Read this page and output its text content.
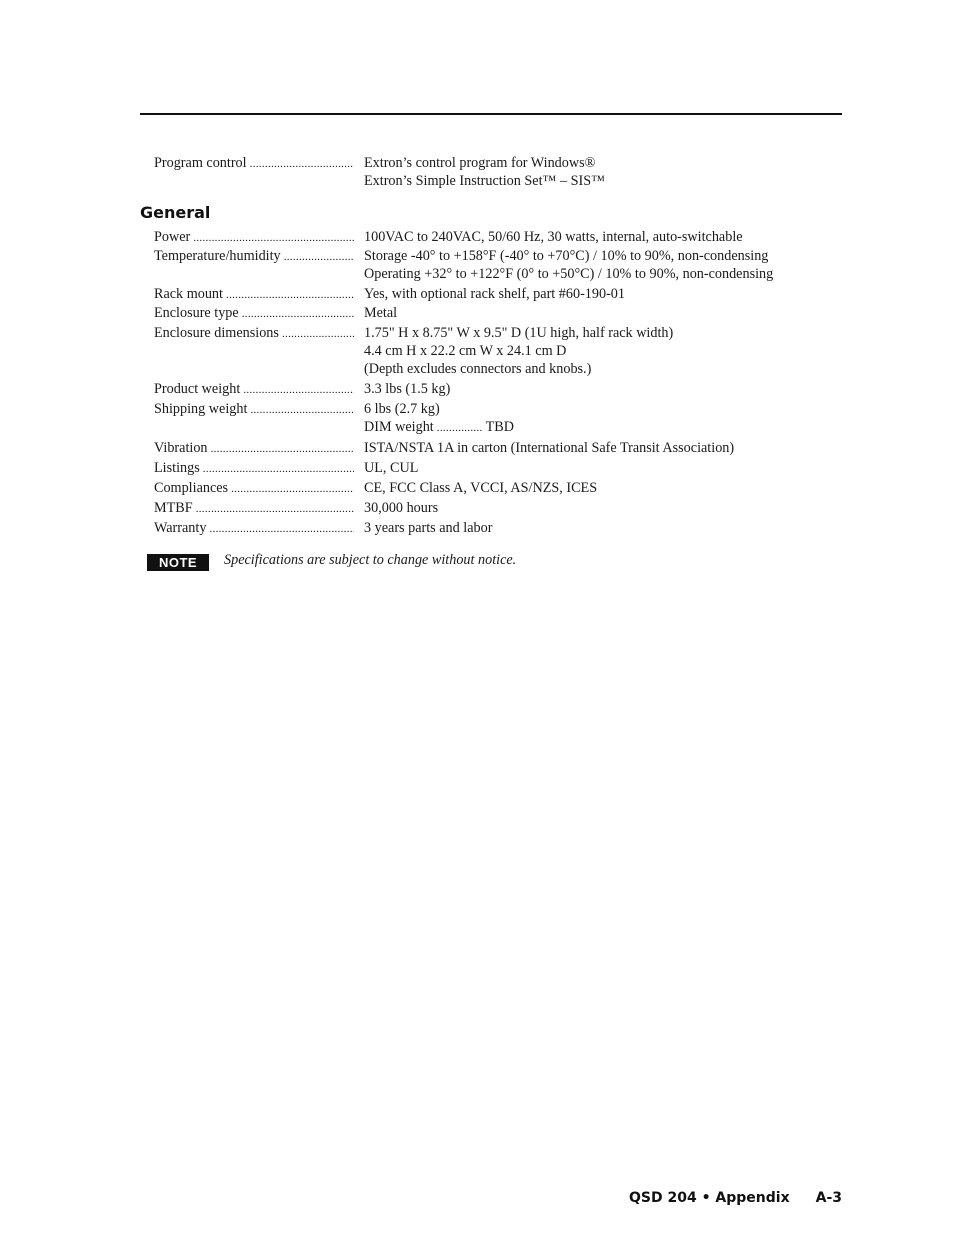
Program control .....	Extron’s control program for Windows®
Extron’s Simple Instruction Set™ – SIS™
General
Power .....	100VAC to 240VAC, 50/60 Hz, 30 watts, internal, auto-switchable
Temperature/humidity .....	Storage -40° to +158°F (-40° to +70°C) / 10% to 90%, non-condensing
Operating +32° to +122°F (0° to +50°C) / 10% to 90%, non-condensing
Rack mount .....	Yes, with optional rack shelf, part #60-190-01
Enclosure type .....	Metal
Enclosure dimensions .....	1.75" H x 8.75" W x 9.5" D (1U high, half rack width)
4.4 cm H x 22.2 cm W x 24.1 cm D
(Depth excludes connectors and knobs.)
Product weight .....	3.3 lbs (1.5 kg)
Shipping weight .....	6 lbs (2.7 kg)
DIM weight ............... TBD
Vibration .....	ISTA/NSTA 1A in carton (International Safe Transit Association)
Listings .....	UL, CUL
Compliances .....	CE, FCC Class A, VCCI, AS/NZS, ICES
MTBF .....	30,000 hours
Warranty .....	3 years parts and labor
NOTE	Specifications are subject to change without notice.
QSD 204 • Appendix A-3
